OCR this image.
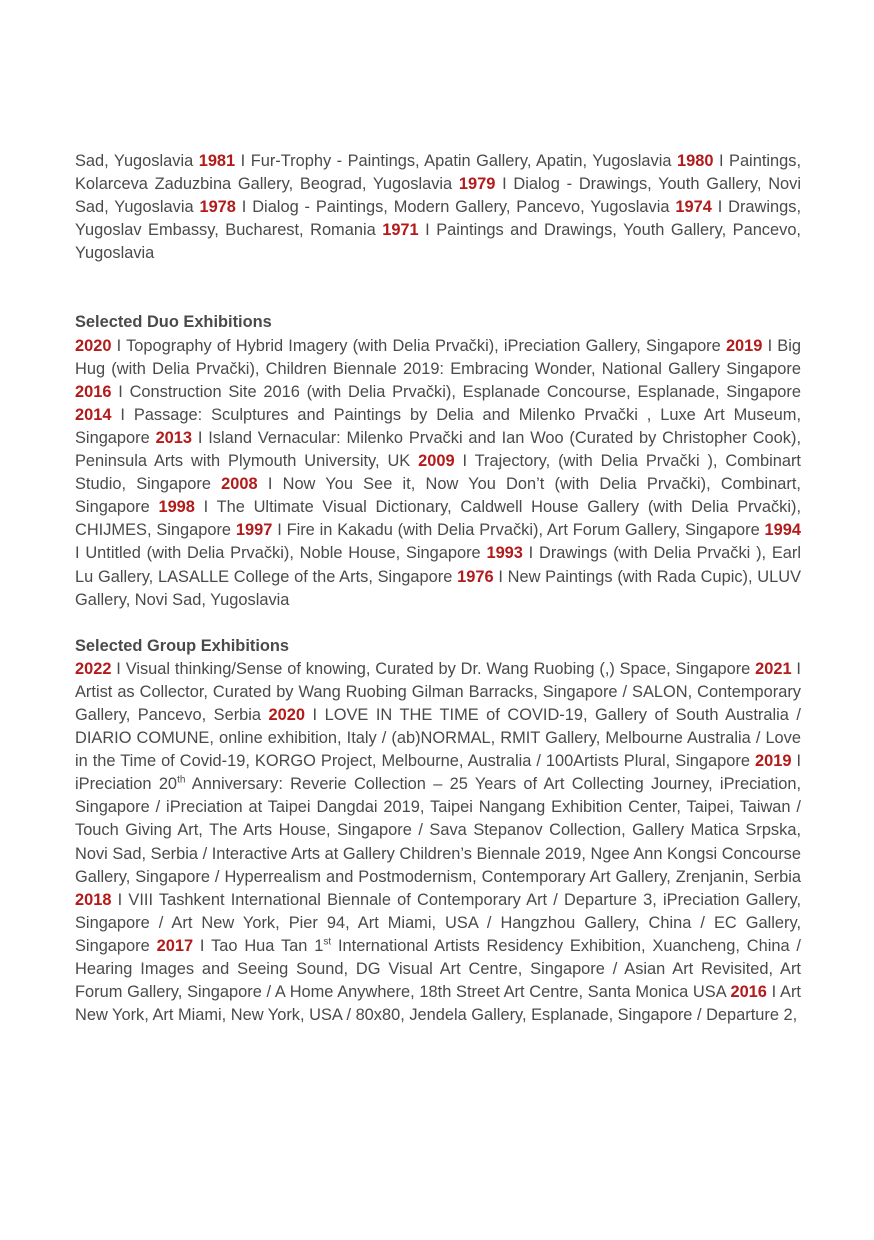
Sad, Yugoslavia 1981 I Fur-Trophy - Paintings, Apatin Gallery, Apatin, Yugoslavia 1980 I Paintings, Kolarceva Zaduzbina Gallery, Beograd, Yugoslavia 1979 I Dialog - Drawings, Youth Gallery, Novi Sad, Yugoslavia 1978 I Dialog - Paintings, Modern Gallery, Pancevo, Yugoslavia 1974 I Drawings, Yugoslav Embassy, Bucharest, Romania 1971 I Paintings and Drawings, Youth Gallery, Pancevo, Yugoslavia

Selected Duo Exhibitions

2020 I Topography of Hybrid Imagery (with Delia Prvački), iPreciation Gallery, Singapore 2019 I Big Hug (with Delia Prvački), Children Biennale 2019: Embracing Wonder, National Gallery Singapore 2016 I Construction Site 2016 (with Delia Prvački), Esplanade Concourse, Esplanade, Singapore 2014 I Passage: Sculptures and Paintings by Delia and Milenko Prvački , Luxe Art Museum, Singapore 2013 I Island Vernacular: Milenko Prvački and Ian Woo (Curated by Christopher Cook), Peninsula Arts with Plymouth University, UK 2009 I Trajectory, (with Delia Prvački ), Combinart Studio, Singapore 2008 I Now You See it, Now You Don’t (with Delia Prvački), Combinart, Singapore 1998 I The Ultimate Visual Dictionary, Caldwell House Gallery (with Delia Prvački), CHIJMES, Singapore 1997 I Fire in Kakadu (with Delia Prvački), Art Forum Gallery, Singapore 1994 I Untitled (with Delia Prvački), Noble House, Singapore 1993 I Drawings (with Delia Prvački ), Earl Lu Gallery, LASALLE College of the Arts, Singapore 1976 I New Paintings (with Rada Cupic), ULUV Gallery, Novi Sad, Yugoslavia

Selected Group Exhibitions

2022 I Visual thinking/Sense of knowing, Curated by Dr. Wang Ruobing (,) Space, Singapore 2021 I Artist as Collector, Curated by Wang Ruobing Gilman Barracks, Singapore / SALON, Contemporary Gallery, Pancevo, Serbia 2020 I LOVE IN THE TIME of COVID-19, Gallery of South Australia / DIARIO COMUNE, online exhibition, Italy / (ab)NORMAL, RMIT Gallery, Melbourne Australia / Love in the Time of Covid-19, KORGO Project, Melbourne, Australia / 100Artists Plural, Singapore 2019 I iPreciation 20th Anniversary: Reverie Collection – 25 Years of Art Collecting Journey, iPreciation, Singapore / iPreciation at Taipei Dangdai 2019, Taipei Nangang Exhibition Center, Taipei, Taiwan / Touch Giving Art, The Arts House, Singapore / Sava Stepanov Collection, Gallery Matica Srpska, Novi Sad, Serbia / Interactive Arts at Gallery Children’s Biennale 2019, Ngee Ann Kongsi Concourse Gallery, Singapore / Hyperrealism and Postmodernism, Contemporary Art Gallery, Zrenjanin, Serbia 2018 I VIII Tashkent International Biennale of Contemporary Art / Departure 3, iPreciation Gallery, Singapore / Art New York, Pier 94, Art Miami, USA / Hangzhou Gallery, China / EC Gallery, Singapore 2017 I Tao Hua Tan 1st International Artists Residency Exhibition, Xuancheng, China / Hearing Images and Seeing Sound, DG Visual Art Centre, Singapore / Asian Art Revisited, Art Forum Gallery, Singapore / A Home Anywhere, 18th Street Art Centre, Santa Monica USA 2016 I Art New York, Art Miami, New York, USA / 80x80, Jendela Gallery, Esplanade, Singapore / Departure 2,
